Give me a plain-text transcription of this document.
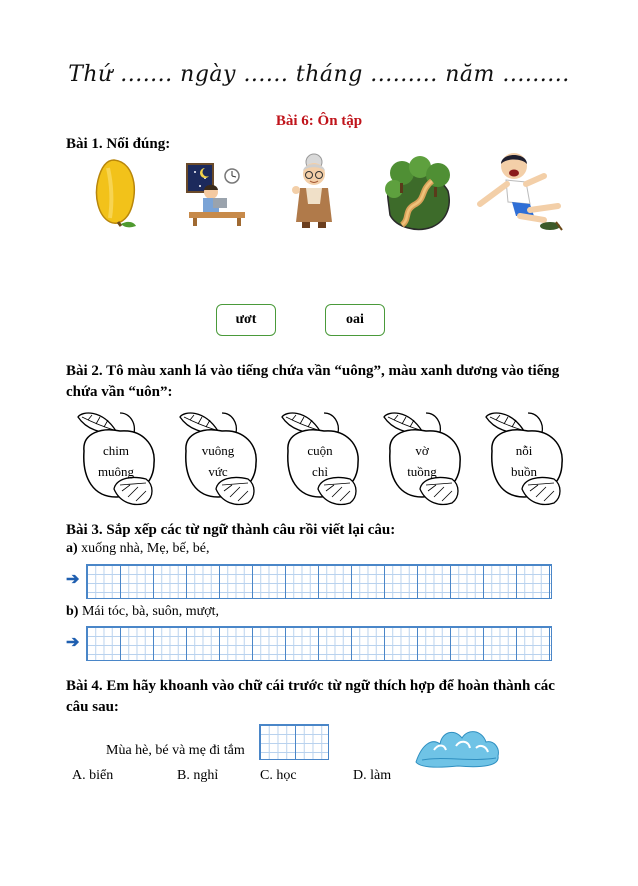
Thứ ....... ngày ...... tháng ......... năm .........
Bài 6: Ôn tập
Bài 1. Nối đúng:
ươt	oai
Bài 2. Tô màu xanh lá vào tiếng chứa vần “uông”, màu xanh dương vào tiếng
chứa vần “uôn”:
chim
muông
vuông
vức
cuộn
chỉ
vờ
tuồng
nỗi
buồn
Bài 3. Sắp xếp các từ ngữ thành câu rồi viết lại câu:
a) xuống nhà, Mẹ, bế, bé,
➔
b) Mái tóc, bà, suôn, mượt,
➔
Bài 4. Em hãy khoanh vào chữ cái trước từ ngữ thích hợp để hoàn thành các
câu sau:
Mùa hè, bé và mẹ đi tắm
A. biển	B. nghỉ	C. học	D. làm
